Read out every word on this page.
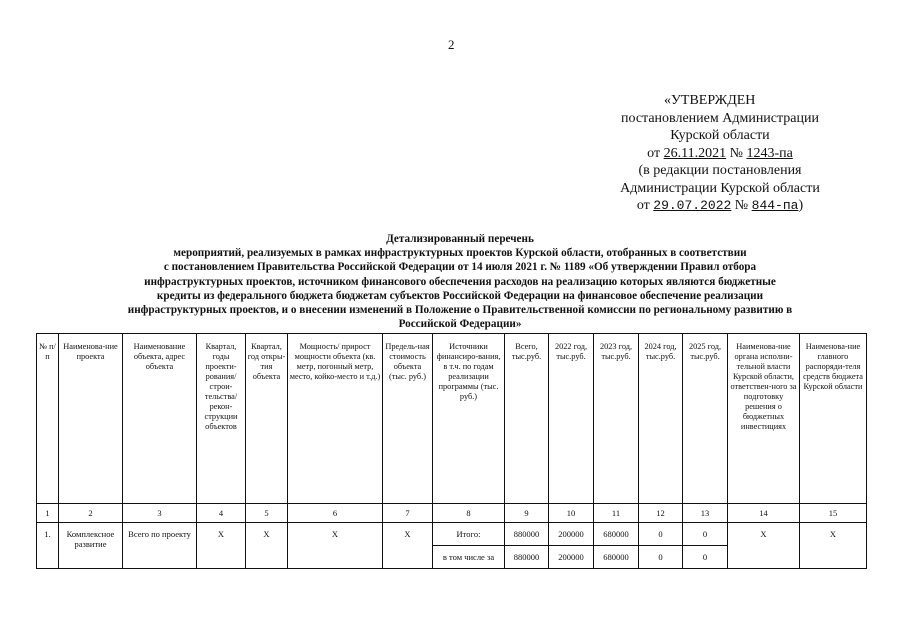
2
«УТВЕРЖДЕН
постановлением Администрации
Курской области
от 26.11.2021 № 1243-па
(в редакции постановления
Администрации Курской области
от 29.07.2022 № 844-па)
Детализированный перечень
мероприятий, реализуемых в рамках инфраструктурных проектов Курской области, отобранных в соответствии
с постановлением Правительства Российской Федерации от 14 июля 2021 г. № 1189 «Об утверждении Правил отбора
инфраструктурных проектов, источником финансового обеспечения расходов на реализацию которых являются бюджетные
кредиты из федерального бюджета бюджетам субъектов Российской Федерации на финансовое обеспечение реализации
инфраструктурных проектов, и о внесении изменений в Положение о Правительственной комиссии по региональному развитию в
Российской Федерации»
№ п/п	Наименова-ние проекта	Наименование объекта, адрес объекта	Квартал, годы проекти-рования/ строи-тельства/ рекон-струкции объектов	Квартал, год откры-тия объекта	Мощность/ прирост мощности объекта (кв. метр, погонный метр, место, койко-место и т.д.)	Предель-ная стоимость объекта (тыс. руб.)	Источники финансиро-вания, в т.ч. по годам реализации программы (тыс. руб.)	Всего, тыс.руб.	2022 год, тыс.руб.	2023 год, тыс.руб.	2024 год, тыс.руб.	2025 год, тыс.руб.	Наименова-ние органа исполни-тельной власти Курской области, ответствен-ного за подготовку решения о бюджетных инвестициях	Наименова-ние главного распоряди-теля средств бюджета Курской области
1	2	3	4	5	6	7	8	9	10	11	12	13	14	15
1.	Комплексное развитие	Всего по проекту	X	X	X	X	Итого:	880000	200000	680000	0	0	X	X
							в том числе за	880000	200000	680000	0	0		
